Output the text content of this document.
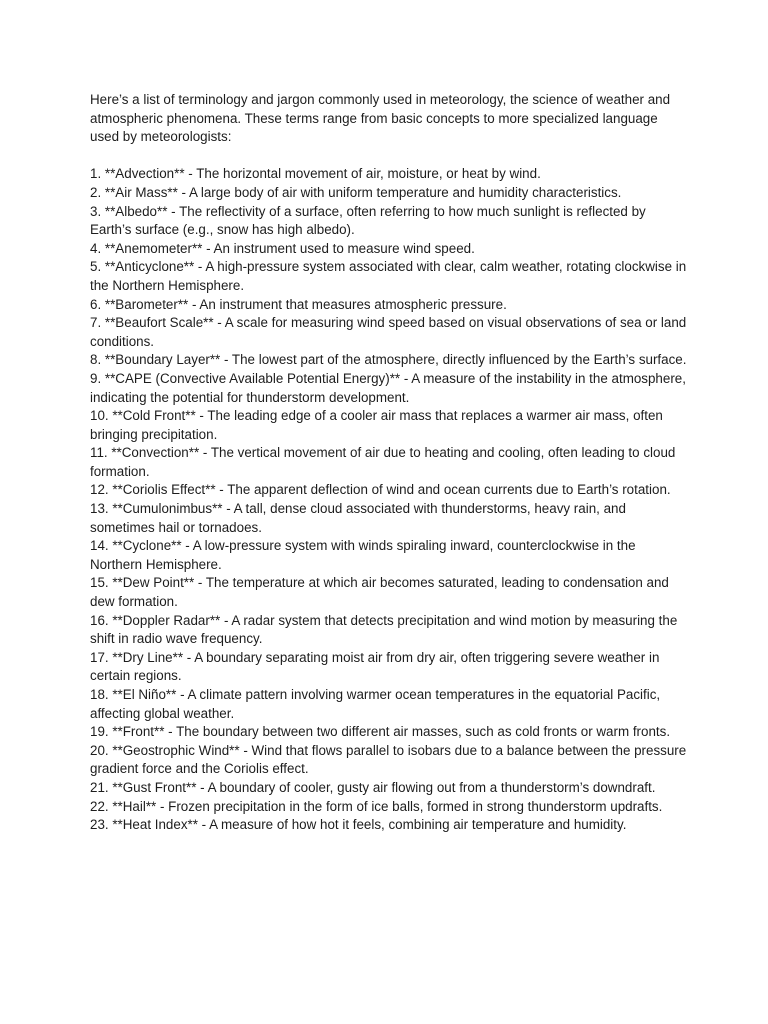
Here’s a list of terminology and jargon commonly used in meteorology, the science of weather and atmospheric phenomena. These terms range from basic concepts to more specialized language used by meteorologists:

1. **Advection** - The horizontal movement of air, moisture, or heat by wind.
2. **Air Mass** - A large body of air with uniform temperature and humidity characteristics.
3. **Albedo** - The reflectivity of a surface, often referring to how much sunlight is reflected by Earth’s surface (e.g., snow has high albedo).
4. **Anemometer** - An instrument used to measure wind speed.
5. **Anticyclone** - A high-pressure system associated with clear, calm weather, rotating clockwise in the Northern Hemisphere.
6. **Barometer** - An instrument that measures atmospheric pressure.
7. **Beaufort Scale** - A scale for measuring wind speed based on visual observations of sea or land conditions.
8. **Boundary Layer** - The lowest part of the atmosphere, directly influenced by the Earth’s surface.
9. **CAPE (Convective Available Potential Energy)** - A measure of the instability in the atmosphere, indicating the potential for thunderstorm development.
10. **Cold Front** - The leading edge of a cooler air mass that replaces a warmer air mass, often bringing precipitation.
11. **Convection** - The vertical movement of air due to heating and cooling, often leading to cloud formation.
12. **Coriolis Effect** - The apparent deflection of wind and ocean currents due to Earth’s rotation.
13. **Cumulonimbus** - A tall, dense cloud associated with thunderstorms, heavy rain, and sometimes hail or tornadoes.
14. **Cyclone** - A low-pressure system with winds spiraling inward, counterclockwise in the Northern Hemisphere.
15. **Dew Point** - The temperature at which air becomes saturated, leading to condensation and dew formation.
16. **Doppler Radar** - A radar system that detects precipitation and wind motion by measuring the shift in radio wave frequency.
17. **Dry Line** - A boundary separating moist air from dry air, often triggering severe weather in certain regions.
18. **El Niño** - A climate pattern involving warmer ocean temperatures in the equatorial Pacific, affecting global weather.
19. **Front** - The boundary between two different air masses, such as cold fronts or warm fronts.
20. **Geostrophic Wind** - Wind that flows parallel to isobars due to a balance between the pressure gradient force and the Coriolis effect.
21. **Gust Front** - A boundary of cooler, gusty air flowing out from a thunderstorm’s downdraft.
22. **Hail** - Frozen precipitation in the form of ice balls, formed in strong thunderstorm updrafts.
23. **Heat Index** - A measure of how hot it feels, combining air temperature and humidity.
